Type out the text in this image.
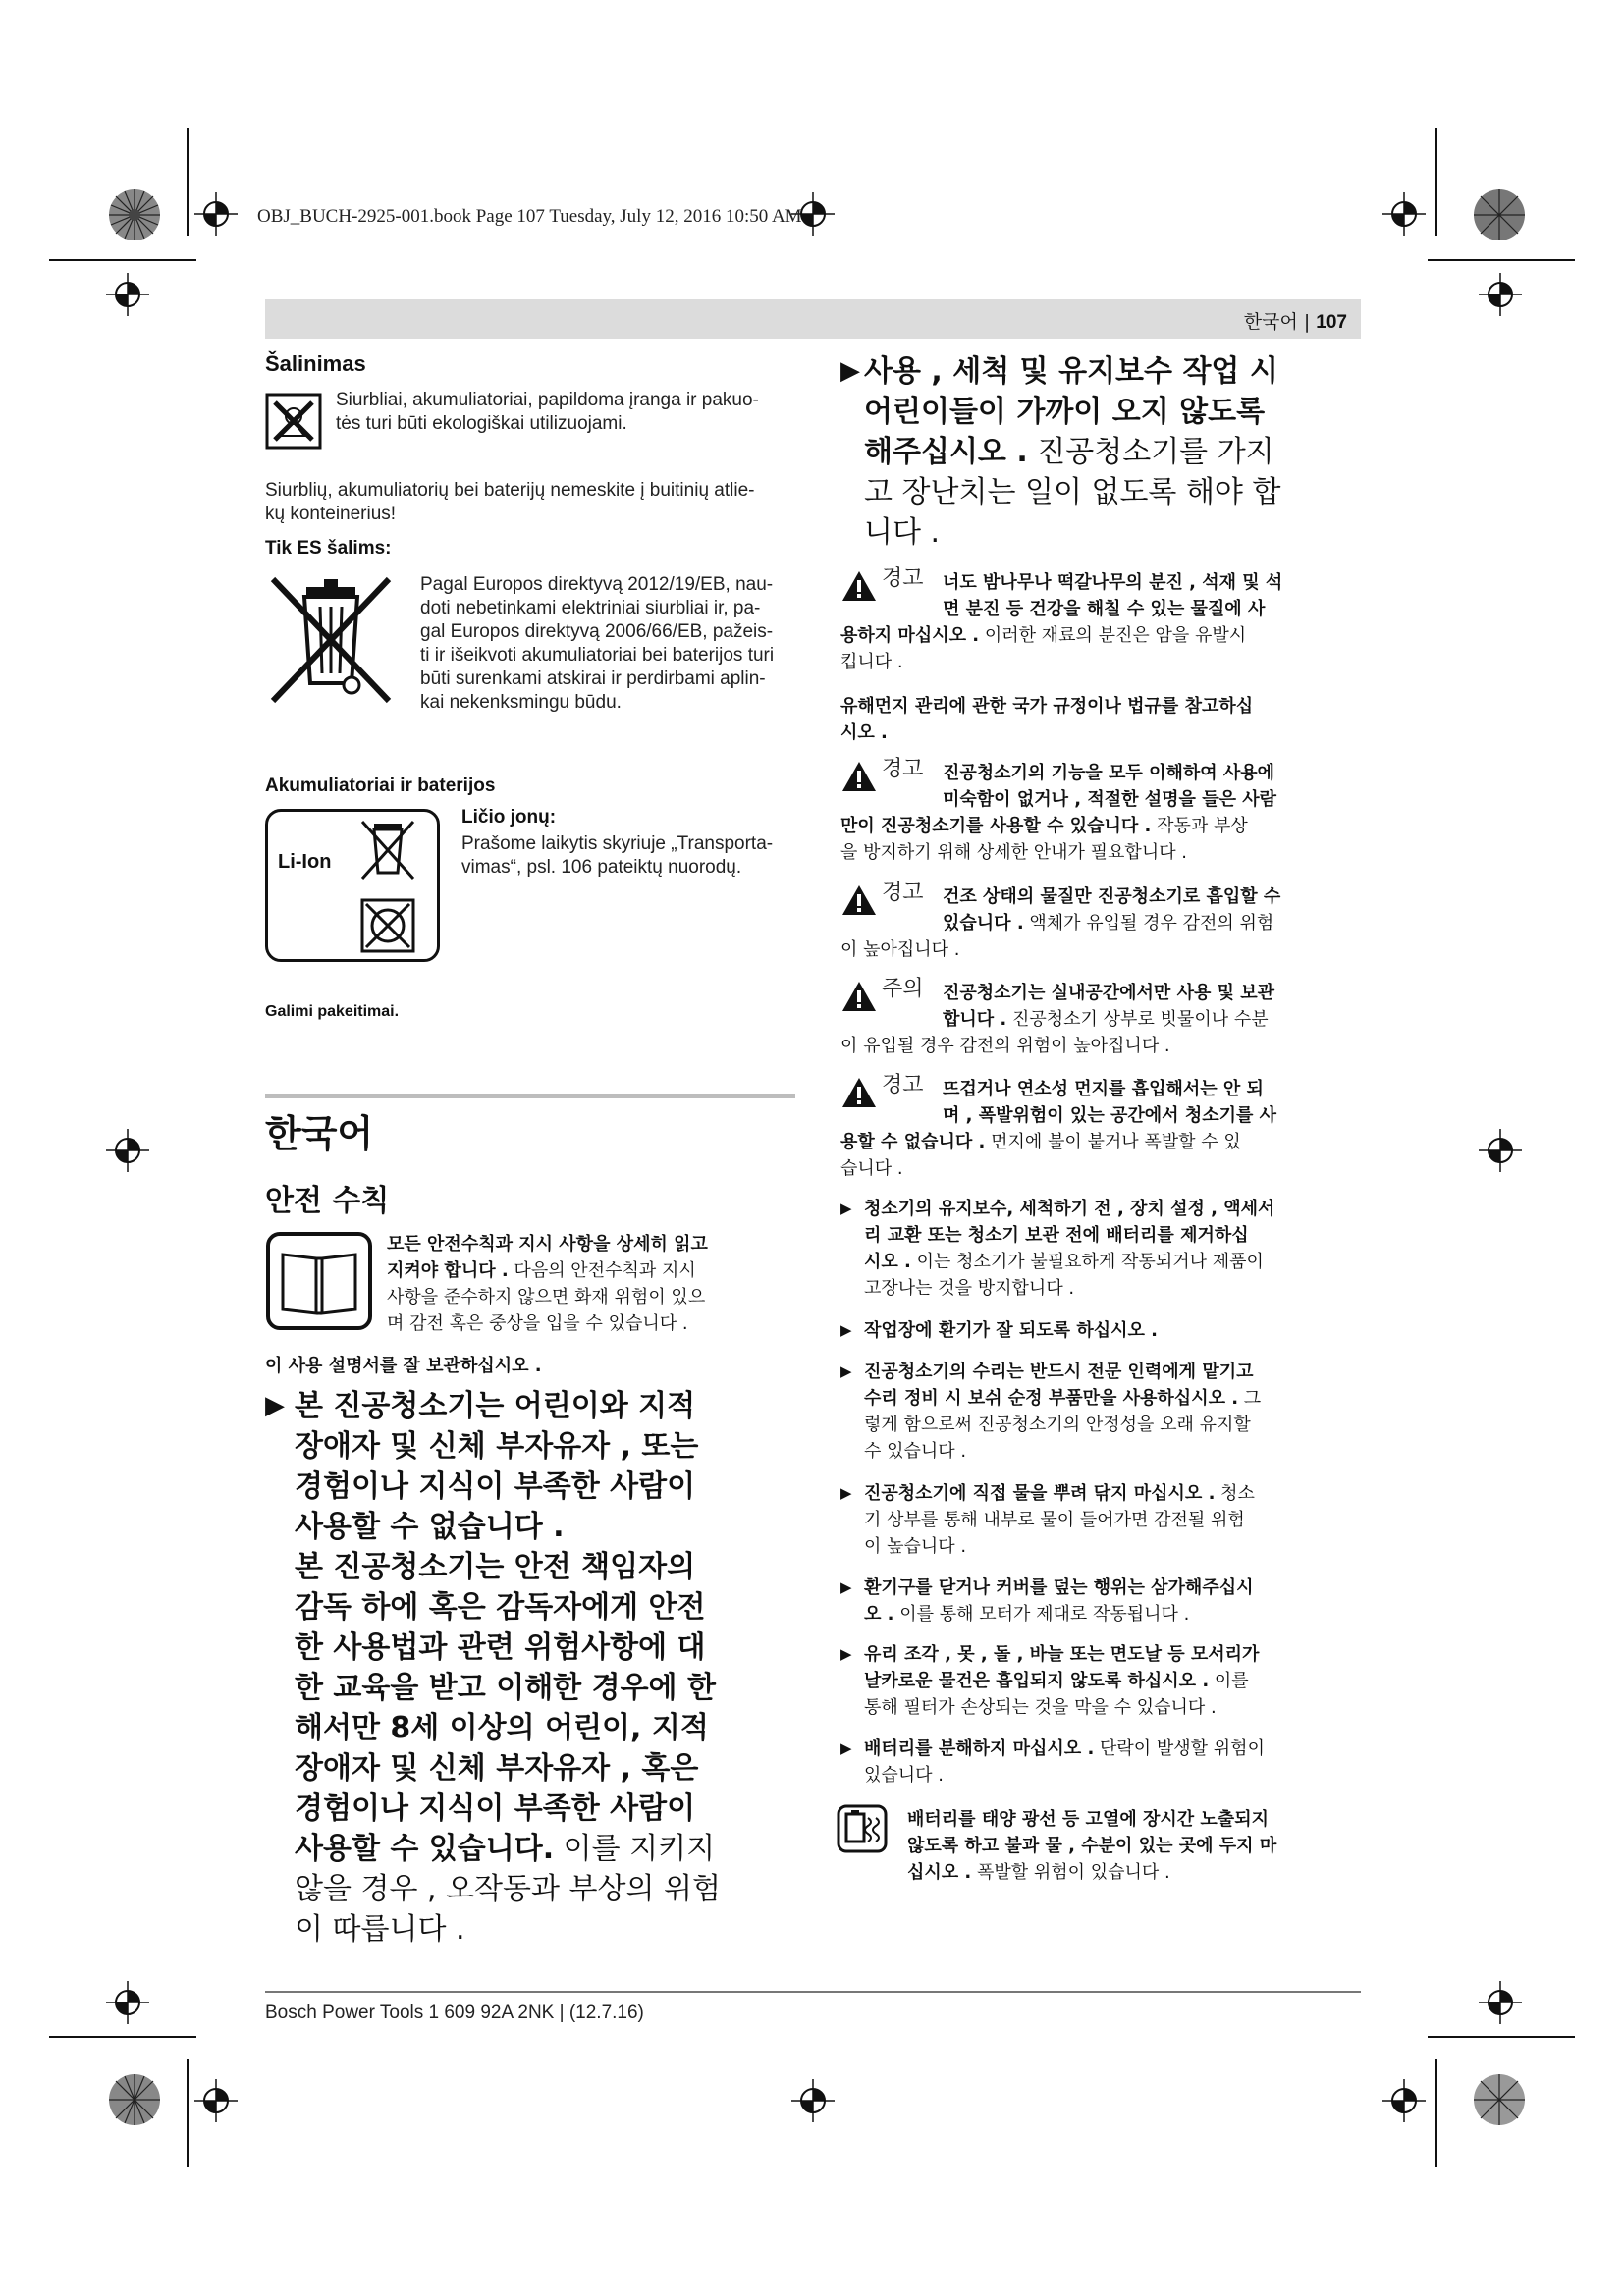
OBJ_BUCH-2925-001.book Page 107 Tuesday, July 12, 2016 10:50 AM
한국어 | 107
Šalinimas
Siurbliai, akumuliatoriai, papildoma įranga ir pakuo-
tės turi būti ekologiškai utilizuojami.
Siurblių, akumuliatorių bei baterijų nemeskite į buitinių atlie-
kų konteinerius!
Tik ES šalims:
Pagal Europos direktyvą 2012/19/EB, nau-
doti nebetinkami elektriniai siurbliai ir, pa-
gal Europos direktyvą 2006/66/EB, pažeis-
ti ir išeikvoti akumuliatoriai bei baterijos turi
būti surenkami atskirai ir perdirbami aplin-
kai nekenksmingu būdu.
Akumuliatoriai ir baterijos
Li-Ion
Ličio jonų:
Prašome laikytis skyriuje „Transporta-
vimas“, psl. 106 pateiktų nuorodų.
Galimi pakeitimai.
한국어
안전 수칙
모든 안전수칙과 지시 사항을 상세히 읽고
지켜야 합니다 . 다음의 안전수칙과 지시
사항을 준수하지 않으면 화재 위험이 있으
며 감전 혹은 중상을 입을 수 있습니다 .
이 사용 설명서를 잘 보관하십시오 .
▶ 본 진공청소기는 어린이와 지적
장애자 및 신체 부자유자 , 또는
경험이나 지식이 부족한 사람이
사용할 수 없습니다 .
본 진공청소기는 안전 책임자의
감독 하에 혹은 감독자에게 안전
한 사용법과 관련 위험사항에 대
한 교육을 받고 이해한 경우에 한
해서만 8세 이상의 어린이, 지적
장애자 및 신체 부자유자 , 혹은
경험이나 지식이 부족한 사람이
사용할 수 있습니다. 이를 지키지
않을 경우 , 오작동과 부상의 위험
이 따릅니다 .
▶ 사용 , 세척 및 유지보수 작업 시
어린이들이 가까이 오지 않도록
해주십시오 . 진공청소기를 가지
고 장난치는 일이 없도록 해야 합
니다 .
경고	너도 밤나무나 떡갈나무의 분진 , 석재 및 석
면 분진 등 건강을 해칠 수 있는 물질에 사
용하지 마십시오 . 이러한 재료의 분진은 암을 유발시
킵니다 .
유해먼지 관리에 관한 국가 규정이나 법규를 참고하십
시오 .
경고	진공청소기의 기능을 모두 이해하여 사용에
미숙함이 없거나 , 적절한 설명을 들은 사람
만이 진공청소기를 사용할 수 있습니다 . 작동과 부상
을 방지하기 위해 상세한 안내가 필요합니다 .
경고	건조 상태의 물질만 진공청소기로 흡입할 수
있습니다 . 액체가 유입될 경우 감전의 위험
이 높아집니다 .
주의	진공청소기는 실내공간에서만 사용 및 보관
합니다 . 진공청소기 상부로 빗물이나 수분
이 유입될 경우 감전의 위험이 높아집니다 .
경고	뜨겁거나 연소성 먼지를 흡입해서는 안 되
며 , 폭발위험이 있는 공간에서 청소기를 사
용할 수 없습니다 . 먼지에 불이 붙거나 폭발할 수 있
습니다 .
▶ 청소기의 유지보수, 세척하기 전 , 장치 설정 , 액세서
리 교환 또는 청소기 보관 전에 배터리를 제거하십
시오 . 이는 청소기가 불필요하게 작동되거나 제품이
고장나는 것을 방지합니다 .
▶ 작업장에 환기가 잘 되도록 하십시오 .
▶ 진공청소기의 수리는 반드시 전문 인력에게 맡기고
수리 정비 시 보쉬 순정 부품만을 사용하십시오 . 그
렇게 함으로써 진공청소기의 안정성을 오래 유지할
수 있습니다 .
▶ 진공청소기에 직접 물을 뿌려 닦지 마십시오 . 청소
기 상부를 통해 내부로 물이 들어가면 감전될 위험
이 높습니다 .
▶ 환기구를 닫거나 커버를 덮는 행위는 삼가해주십시
오 . 이를 통해 모터가 제대로 작동됩니다 .
▶ 유리 조각 , 못 , 돌 , 바늘 또는 면도날 등 모서리가
날카로운 물건은 흡입되지 않도록 하십시오 . 이를
통해 필터가 손상되는 것을 막을 수 있습니다 .
▶ 배터리를 분해하지 마십시오 . 단락이 발생할 위험이
있습니다 .
배터리를 태양 광선 등 고열에 장시간 노출되지
않도록 하고 불과 물 , 수분이 있는 곳에 두지 마
십시오 . 폭발할 위험이 있습니다 .
Bosch Power Tools 1 609 92A 2NK | (12.7.16)
